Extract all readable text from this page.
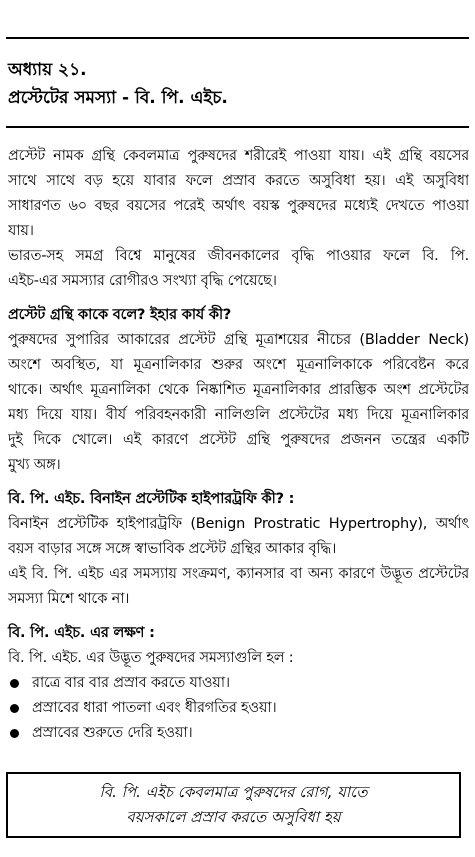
অধ্যায় ২১.
প্রস্টেটের সমস্যা - বি. পি. এইচ.

প্রস্টেট নামক গ্রন্থি কেবলমাত্র পুরুষদের শরীরেই পাওয়া যায়। এই গ্রন্থি বয়সের
সাথে সাথে বড় হয়ে যাবার ফলে প্রস্রাব করতে অসুবিধা হয়। এই অসুবিধা
সাধারণত ৬০ বছর বয়সের পরেই অর্থাৎ বয়স্ক পুরুষদের মধ্যেই দেখতে পাওয়া
যায়।

ভারত-সহ সমগ্র বিশ্বে মানুষের জীবনকালের বৃদ্ধি পাওয়ার ফলে বি. পি.
এইচ-এর সমস্যার রোগীরও সংখ্যা বৃদ্ধি পেয়েছে।

প্রস্টেট গ্রন্থি কাকে বলে? ইহার কার্য কী?

পুরুষদের সুপারির আকারের প্রস্টেট গ্রন্থি মূত্রাশয়ের নীচের (Bladder Neck)
অংশে অবস্থিত, যা মূত্রনালিকার শুরুর অংশে মূত্রনালিকাকে পরিবেষ্টন করে
থাকে। অর্থাৎ মূত্রনালিকা থেকে নিষ্কাশিত মূত্রনালিকার প্রারম্ভিক অংশ প্রস্টেটের
মধ্য দিয়ে যায়। বীর্য পরিবহনকারী নালিগুলি প্রস্টেটের মধ্য দিয়ে মূত্রনালিকার
দুই দিকে খোলে। এই কারণে প্রস্টেট গ্রন্থি পুরুষদের প্রজনন তন্ত্রের একটি
মুখ্য অঙ্গ।

বি. পি. এইচ. বিনাইন প্রস্টেটিক হাইপারট্রফি কী? :

বিনাইন প্রস্টেটিক হাইপারট্রফি (Benign Prostratic Hypertrophy), অর্থাৎ
বয়স বাড়ার সঙ্গে সঙ্গে স্বাভাবিক প্রস্টেট গ্রন্থির আকার বৃদ্ধি।

এই বি. পি. এইচ এর সমস্যায় সংক্রমণ, ক্যানসার বা অন্য কারণে উদ্ভূত প্রস্টেটের
সমস্যা মিশে থাকে না।

বি. পি. এইচ. এর লক্ষণ :

বি. পি. এইচ. এর উদ্ভূত পুরুষদের সমস্যাগুলি হল :

রাত্রে বার বার প্রস্রাব করতে যাওয়া।
প্রস্রাবের ধারা পাতলা এবং ধীরগতির হওয়া।
প্রস্রাবের শুরুতে দেরি হওয়া।
বি. পি. এইচ কেবলমাত্র পুরুষদের রোগ, যাতে
বয়সকালে প্রস্রাব করতে অসুবিধা হয়
